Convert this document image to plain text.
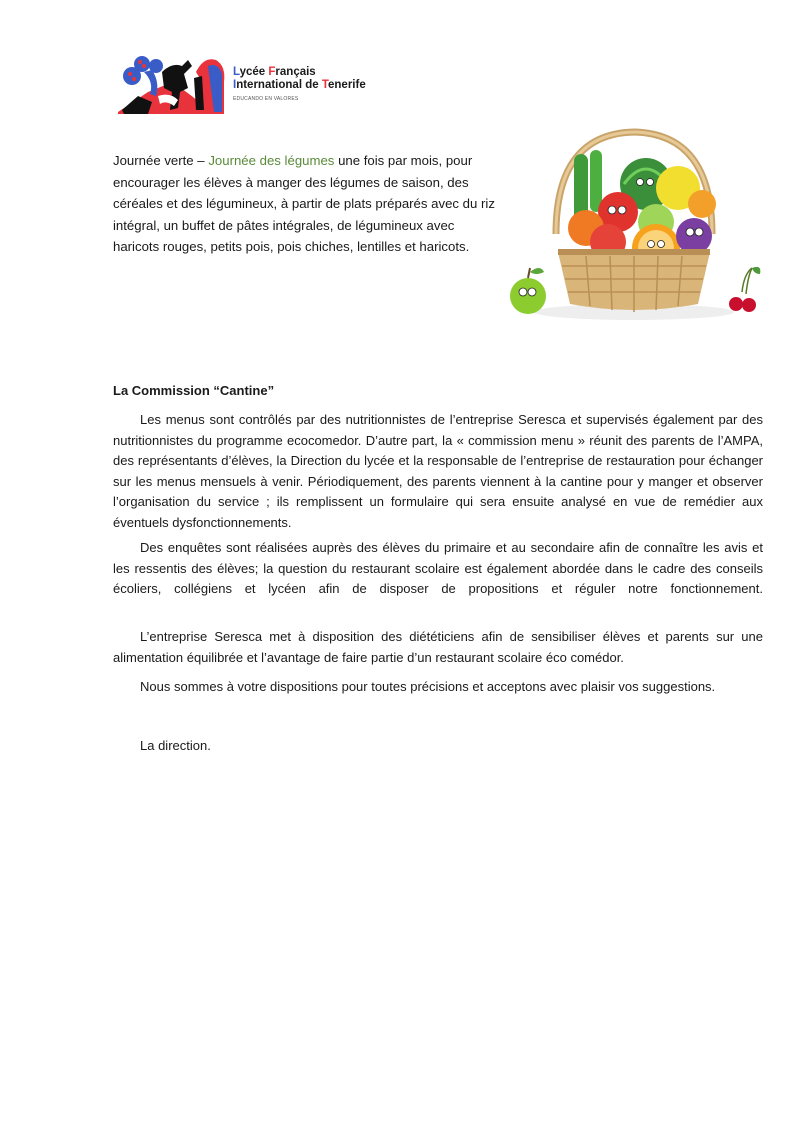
Lycée Français
International de Tenerife
EDUCANDO EN VALORES
Journée verte – Journée des légumes une fois par mois, pour encourager les élèves à manger des légumes de saison, des céréales et des légumineux, à partir de plats préparés avec du riz intégral, un buffet de pâtes intégrales, de légumineux avec haricots rouges, petits pois, pois chiches, lentilles et haricots.
La Commission “Cantine”

Les menus sont contrôlés par des nutritionnistes de l’entreprise Seresca et supervisés également par des nutritionnistes du programme ecocomedor. D’autre part, la « commission menu » réunit des parents de l’AMPA, des représentants d’élèves, la Direction du lycée et la responsable de l’entreprise de restauration pour échanger sur les menus mensuels à venir. Périodiquement, des parents viennent à la cantine pour y manger et observer l’organisation du service ; ils remplissent un formulaire qui sera ensuite analysé en vue de remédier aux éventuels dysfonctionnements.

Des enquêtes sont réalisées auprès des élèves du primaire et au secondaire afin de connaître les avis et les ressentis des élèves; la question du restaurant scolaire est également abordée dans le cadre des conseils écoliers, collégiens et lycéen afin de disposer de propositions et réguler notre fonctionnement.

L’entreprise Seresca met à disposition des diététiciens afin de sensibiliser élèves et parents sur une alimentation équilibrée et l’avantage de faire partie d’un restaurant scolaire éco comédor.

Nous sommes à votre dispositions pour toutes précisions et acceptons avec plaisir vos suggestions.

La direction.
